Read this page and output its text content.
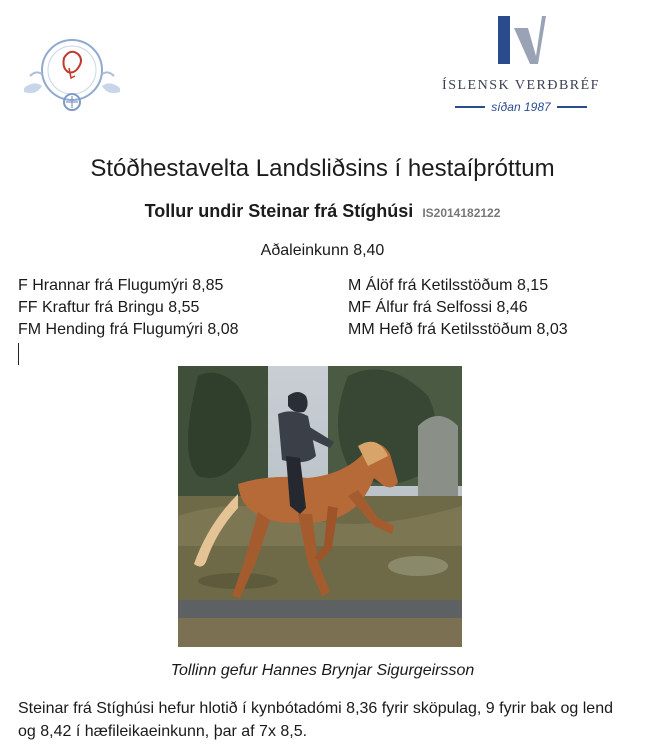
ÍSLENSK VERÐBRÉF
síðan 1987
Stóðhestavelta Landsliðsins í hestaíþróttum
Tollur undir Steinar frá Stíghúsi IS2014182122
Aðaleinkunn 8,40
F Hrannar frá Flugumýri 8,85
FF Kraftur frá Bringu 8,55
FM Hending frá Flugumýri 8,08
M Álöf frá Ketilsstöðum 8,15
MF Álfur frá Selfossi 8,46
MM Hefð frá Ketilsstöðum 8,03
Tollinn gefur Hannes Brynjar Sigurgeirsson
Steinar frá Stíghúsi hefur hlotið í kynbótadómi 8,36 fyrir sköpulag, 9 fyrir bak og lend og 8,42 í hæfileikaeinkunn, þar af 7x 8,5.
